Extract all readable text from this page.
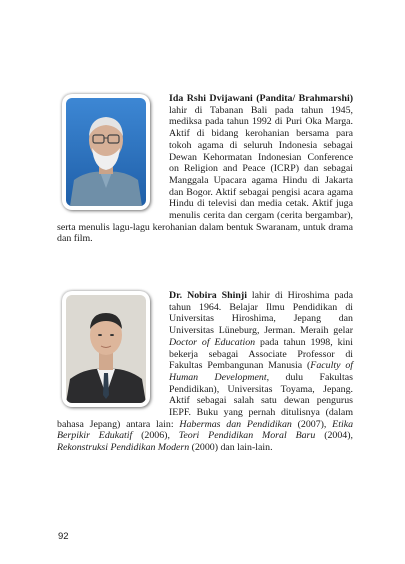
Ida Rshi Dvijawani (Pandita/ Brahmarshi) lahir di Tabanan Bali pada tahun 1945, mediksa pada tahun 1992 di Puri Oka Marga. Aktif di bidang kerohanian bersama para tokoh agama di seluruh Indonesia sebagai Dewan Kehormatan Indonesian Conference on Religion and Peace (ICRP) dan sebagai Manggala Upacara agama Hindu di Jakarta dan Bogor. Aktif sebagai pengisi acara agama Hindu di televisi dan media cetak. Aktif juga menulis cerita dan cergam (cerita bergambar), serta menulis lagu-lagu kerohanian dalam bentuk Swaranam, untuk drama dan film.

Dr. Nobira Shinji lahir di Hiroshima pada tahun 1964. Belajar Ilmu Pendidikan di Universitas Hiroshima, Jepang dan Universitas Lüneburg, Jerman. Meraih gelar Doctor of Education pada tahun 1998, kini bekerja sebagai Associate Professor di Fakultas Pembangunan Manusia (Faculty of Human Development, dulu Fakultas Pendidikan), Universitas Toyama, Jepang. Aktif sebagai salah satu dewan pengurus IEPF. Buku yang pernah ditulisnya (dalam bahasa Jepang) antara lain: Habermas dan Pendidikan (2007), Etika Berpikir Edukatif (2006), Teori Pendidikan Moral Baru (2004), Rekonstruksi Pendidikan Modern (2000) dan lain-lain.

92
